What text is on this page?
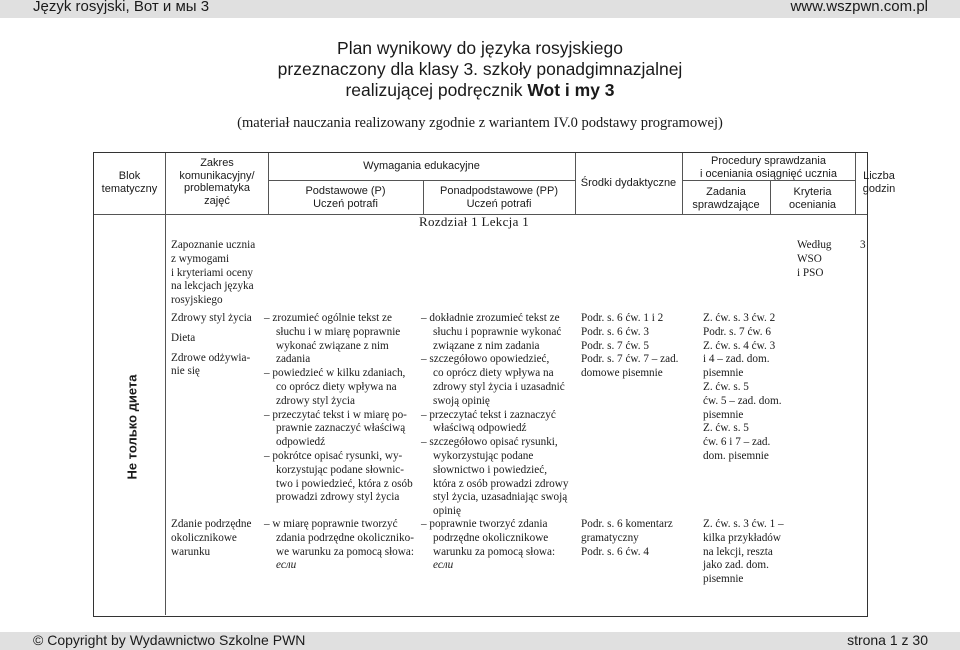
Język rosyjski, Вот и мы 3	www.wszpwn.com.pl
Plan wynikowy do języka rosyjskiego
przeznaczony dla klasy 3. szkoły ponadgimnazjalnej
realizującej podręcznik Wot i my 3
(materiał nauczania realizowany zgodnie z wariantem IV.0 podstawy programowej)
Blok
tematyczny
Zakres
komunikacyjny/
problematyka
zajęć
Wymagania edukacyjne
Podstawowe (P)
Uczeń potrafi
Ponadpodstawowe (PP)
Uczeń potrafi
Środki dydaktyczne
Procedury sprawdzania
i oceniania osiągnięć ucznia
Zadania
sprawdzające
Kryteria
oceniania
Liczba
godzin
Rozdział 1 Lekcja 1
Не только диета

Zapoznanie ucznia

z wymogami

i kryteriami oceny

na lekcjach języka

rosyjskiego

Według

WSO

i PSO

3

Zdrowy styl życia

Dieta

Zdrowe odżywia-

nie się

– zrozumieć ogólnie tekst ze
słuchu i w miarę poprawnie
wykonać związane z nim
zadania
– powiedzieć w kilku zdaniach,
co oprócz diety wpływa na
zdrowy styl życia
– przeczytać tekst i w miarę po-
prawnie zaznaczyć właściwą
odpowiedź
– pokrótce opisać rysunki, wy-
korzystując podane słownic-
two i powiedzieć, która z osób
prowadzi zdrowy styl życia
– dokładnie zrozumieć tekst ze
słuchu i poprawnie wykonać
związane z nim zadania
– szczegółowo opowiedzieć,
co oprócz diety wpływa na
zdrowy styl życia i uzasadnić
swoją opinię
– przeczytać tekst i zaznaczyć
właściwą odpowiedź
– szczegółowo opisać rysunki,
wykorzystując podane
słownictwo i powiedzieć,
która z osób prowadzi zdrowy
styl życia, uzasadniając swoją
opinię

Podr. s. 6 ćw. 1 i 2

Podr. s. 6 ćw. 3

Podr. s. 7 ćw. 5

Podr. s. 7 ćw. 7 – zad.

domowe pisemnie

Z. ćw. s. 3 ćw. 2

Podr. s. 7 ćw. 6

Z. ćw. s. 4 ćw. 3

i 4 – zad. dom.

pisemnie

Z. ćw. s. 5

ćw. 5 – zad. dom.

pisemnie

Z. ćw. s. 5

ćw. 6 i 7 – zad.

dom. pisemnie

Zdanie podrzędne

okolicznikowe

warunku

– w miarę poprawnie tworzyć
zdania podrzędne okoliczniko-
we warunku za pomocą słowa:
если
– poprawnie tworzyć zdania
podrzędne okolicznikowe
warunku za pomocą słowa:
если

Podr. s. 6 komentarz

gramatyczny

Podr. s. 6 ćw. 4

Z. ćw. s. 3 ćw. 1 –

kilka przykładów

na lekcji, reszta

jako zad. dom.

pisemnie

© Copyright by Wydawnictwo Szkolne PWN	strona 1 z 30
